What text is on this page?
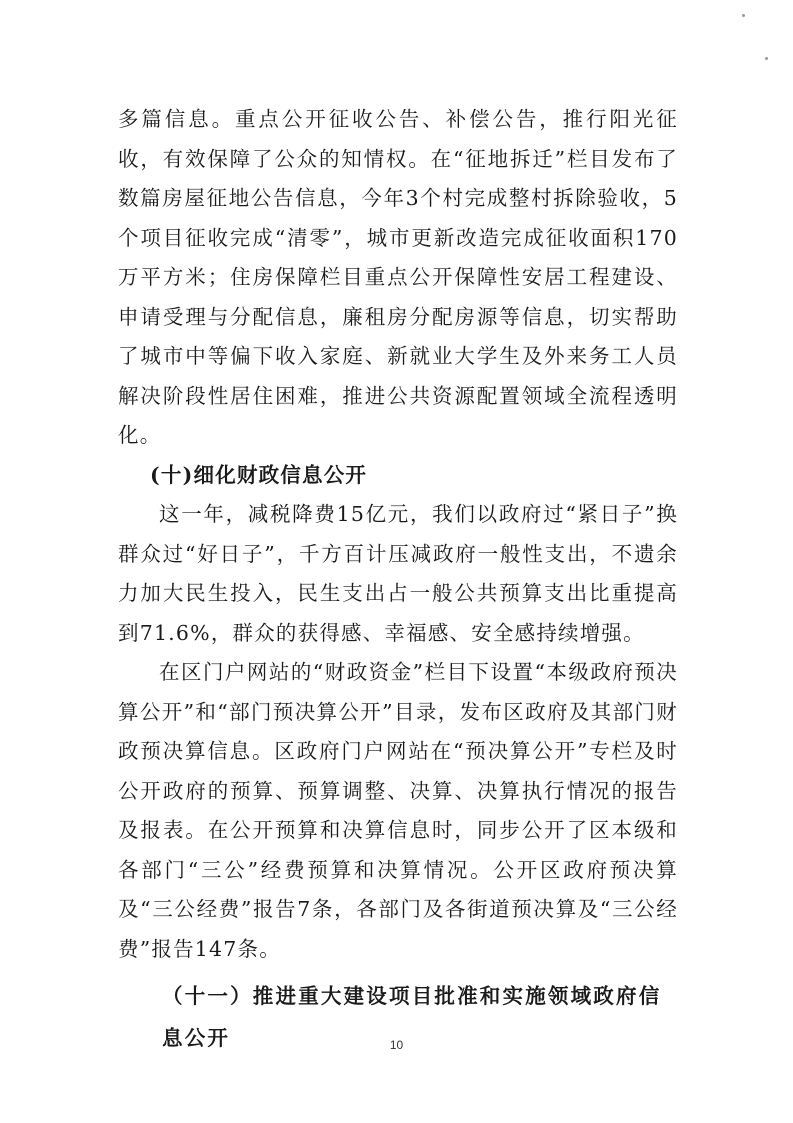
多篇信息。重点公开征收公告、补偿公告，推行阳光征收，有效保障了公众的知情权。在“征地拆迁”栏目发布了数篇房屋征地公告信息，今年3个村完成整村拆除验收，5个项目征收完成“清零”，城市更新改造完成征收面积170万平方米；住房保障栏目重点公开保障性安居工程建设、申请受理与分配信息，廉租房分配房源等信息，切实帮助了城市中等偏下收入家庭、新就业大学生及外来务工人员解决阶段性居住困难，推进公共资源配置领域全流程透明化。

(十)细化财政信息公开

这一年，减税降费15亿元，我们以政府过“紧日子”换群众过“好日子”，千方百计压减政府一般性支出，不遗余力加大民生投入，民生支出占一般公共预算支出比重提高到71.6%，群众的获得感、幸福感、安全感持续增强。

在区门户网站的“财政资金”栏目下设置“本级政府预决算公开”和“部门预决算公开”目录，发布区政府及其部门财政预决算信息。区政府门户网站在“预决算公开”专栏及时公开政府的预算、预算调整、决算、决算执行情况的报告及报表。在公开预算和决算信息时，同步公开了区本级和各部门“三公”经费预算和决算情况。公开区政府预决算及“三公经费”报告7条，各部门及各街道预决算及“三公经费”报告147条。

（十一）推进重大建设项目批准和实施领域政府信息公开	10
